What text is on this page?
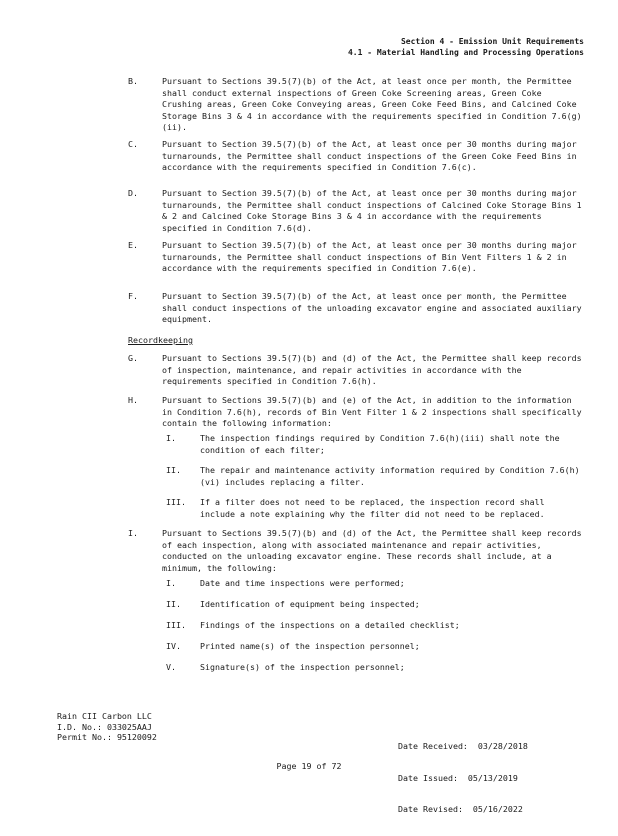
Section 4 - Emission Unit Requirements
4.1 - Material Handling and Processing Operations
B.	Pursuant to Sections 39.5(7)(b) of the Act, at least once per month, the Permittee shall conduct external inspections of Green Coke Screening areas, Green Coke Crushing areas, Green Coke Conveying areas, Green Coke Feed Bins, and Calcined Coke Storage Bins 3 & 4 in accordance with the requirements specified in Condition 7.6(g)(ii).
C.	Pursuant to Section 39.5(7)(b) of the Act, at least once per 30 months during major turnarounds, the Permittee shall conduct inspections of the Green Coke Feed Bins in accordance with the requirements specified in Condition 7.6(c).
D.	Pursuant to Section 39.5(7)(b) of the Act, at least once per 30 months during major turnarounds, the Permittee shall conduct inspections of Calcined Coke Storage Bins 1 & 2 and Calcined Coke Storage Bins 3 & 4 in accordance with the requirements specified in Condition 7.6(d).
E.	Pursuant to Section 39.5(7)(b) of the Act, at least once per 30 months during major turnarounds, the Permittee shall conduct inspections of Bin Vent Filters 1 & 2 in accordance with the requirements specified in Condition 7.6(e).
F.	Pursuant to Section 39.5(7)(b) of the Act, at least once per month, the Permittee shall conduct inspections of the unloading excavator engine and associated auxiliary equipment.
Recordkeeping
G.	Pursuant to Sections 39.5(7)(b) and (d) of the Act, the Permittee shall keep records of inspection, maintenance, and repair activities in accordance with the requirements specified in Condition 7.6(h).
H.	Pursuant to Sections 39.5(7)(b) and (e) of the Act, in addition to the information in Condition 7.6(h), records of Bin Vent Filter 1 & 2 inspections shall specifically contain the following information:
I.	The inspection findings required by Condition 7.6(h)(iii) shall note the condition of each filter;
II. The repair and maintenance activity information required by Condition 7.6(h)(vi) includes replacing a filter.
III. If a filter does not need to be replaced, the inspection record shall include a note explaining why the filter did not need to be replaced.
I.	Pursuant to Sections 39.5(7)(b) and (d) of the Act, the Permittee shall keep records of each inspection, along with associated maintenance and repair activities, conducted on the unloading excavator engine. These records shall include, at a minimum, the following:
I.	Date and time inspections were performed;
II. Identification of equipment being inspected;
III. Findings of the inspections on a detailed checklist;
IV. Printed name(s) of the inspection personnel;
V.	Signature(s) of the inspection personnel;
Rain CII Carbon LLC
I.D. No.: 033025AAJ
Permit No.: 95120092

Date Received:  03/28/2018

Date Issued:  05/13/2019

Date Revised:  05/16/2022

Page 19 of 72
